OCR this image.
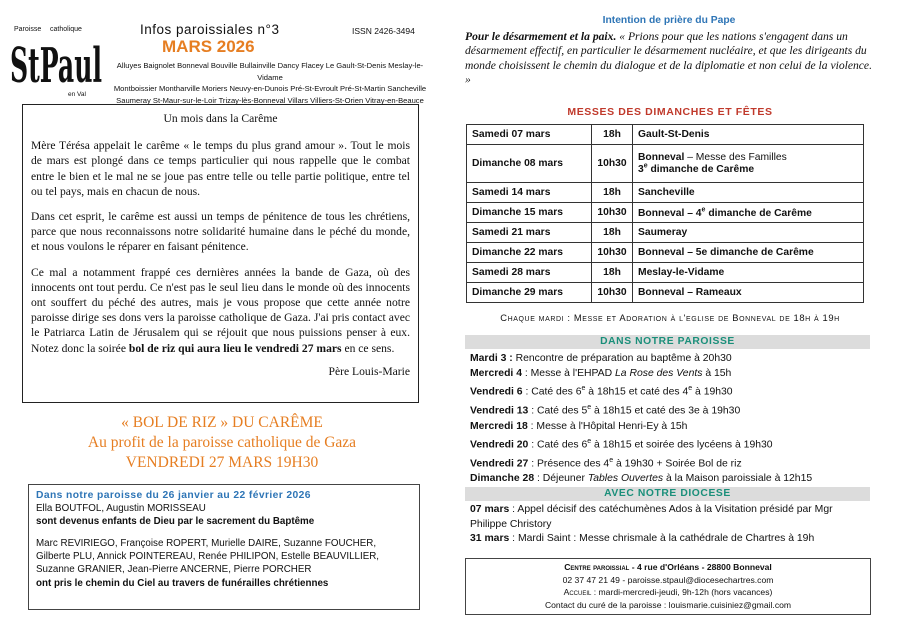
Paroisse catholique
StPaul
en Val
Infos paroissiales n°3	ISSN 2426-3494
MARS 2026
Alluyes Baignolet Bonneval Bouville Bullainville Dancy Flacey Le Gault-St-Denis Meslay-le-Vidame
Montboissier Montharville Moriers Neuvy-en-Dunois Pré-St-Evroult Pré-St-Martin Sancheville
Saumeray St-Maur-sur-le-Loir Trizay-lès-Bonneval Villars Villiers-St-Orien Vitray-en-Beauce
Un mois dans la Carême

Mère Térésa appelait le carême « le temps du plus grand amour ». Tout le mois de mars est plongé dans ce temps particulier qui nous rappelle que le combat entre le bien et le mal ne se joue pas entre telle ou telle partie politique, entre tel ou tel pays, mais en chacun de nous.

Dans cet esprit, le carême est aussi un temps de pénitence de tous les chrétiens, parce que nous reconnaissons notre solidarité humaine dans le péché du monde, et nous voulons le réparer en faisant pénitence.

Ce mal a notamment frappé ces dernières années la bande de Gaza, où des innocents ont tout perdu. Ce n'est pas le seul lieu dans le monde où des innocents ont souffert du péché des autres, mais je vous propose que cette année notre paroisse dirige ses dons vers la paroisse catholique de Gaza. J'ai pris contact avec le Patriarca Latin de Jérusalem qui se réjouit que nous puissions penser à eux. Notez donc la soirée bol de riz qui aura lieu le vendredi 27 mars en ce sens.

Père Louis-Marie
« BOL DE RIZ » DU CARÊME
Au profit de la paroisse catholique de Gaza
VENDREDI 27 MARS 19H30
Dans notre paroisse du 26 janvier au 22 février 2026
Ella BOUTFOL, Augustin MORISSEAU
sont devenus enfants de Dieu par le sacrement du Baptême
Marc REVIRIEGO, Françoise ROPERT, Murielle DAIRE, Suzanne FOUCHER, Gilberte PLU, Annick POINTEREAU, Renée PHILIPON, Estelle BEAUVILLIER, Suzanne GRANIER, Jean-Pierre ANCERNE, Pierre PORCHER
ont pris le chemin du Ciel au travers de funérailles chrétiennes
Intention de prière du Pape
Pour le désarmement et la paix. « Prions pour que les nations s'engagent dans un désarmement effectif, en particulier le désarmement nucléaire, et que les dirigeants du monde choisissent le chemin du dialogue et de la diplomatie et non celui de la violence. »
MESSES DES DIMANCHES ET FÊTES
Samedi 07 mars	18h	Gault-St-Denis
Dimanche 08 mars	10h30	Bonneval – Messe des Familles
3e dimanche de Carême
Samedi 14 mars	18h	Sancheville
Dimanche 15 mars	10h30	Bonneval – 4e dimanche de Carême
Samedi 21 mars	18h	Saumeray
Dimanche 22 mars	10h30	Bonneval – 5e dimanche de Carême
Samedi 28 mars	18h	Meslay-le-Vidame
Dimanche 29 mars	10h30	Bonneval – Rameaux
Chaque mardi : Messe et Adoration à l'eglise de Bonneval de 18h à 19h
DANS NOTRE PAROISSE
Mardi 3 : Rencontre de préparation au baptême à 20h30
Mercredi 4 : Messe à l'EHPAD La Rose des Vents à 15h
Vendredi 6 : Caté des 6e à 18h15 et caté des 4e à 19h30
Vendredi 13 : Caté des 5e à 18h15 et caté des 3e à 19h30
Mercredi 18 : Messe à l'Hôpital Henri-Ey à 15h
Vendredi 20 : Caté des 6e à 18h15 et soirée des lycéens à 19h30
Vendredi 27 : Présence des 4e à 19h30 + Soirée Bol de riz
Dimanche 28 : Déjeuner Tables Ouvertes à la Maison paroissiale à 12h15
AVEC NOTRE DIOCESE
07 mars : Appel décisif des catéchumènes Ados à la Visitation présidé par Mgr Philippe Christory
31 mars : Mardi Saint : Messe chrismale à la cathédrale de Chartres à 19h
Centre paroissial - 4 rue d'Orléans - 28800 Bonneval
02 37 47 21 49 - paroisse.stpaul@diocesechartres.com
Accueil : mardi-mercredi-jeudi, 9h-12h (hors vacances)
Contact du curé de la paroisse : louismarie.cuisiniez@gmail.com
